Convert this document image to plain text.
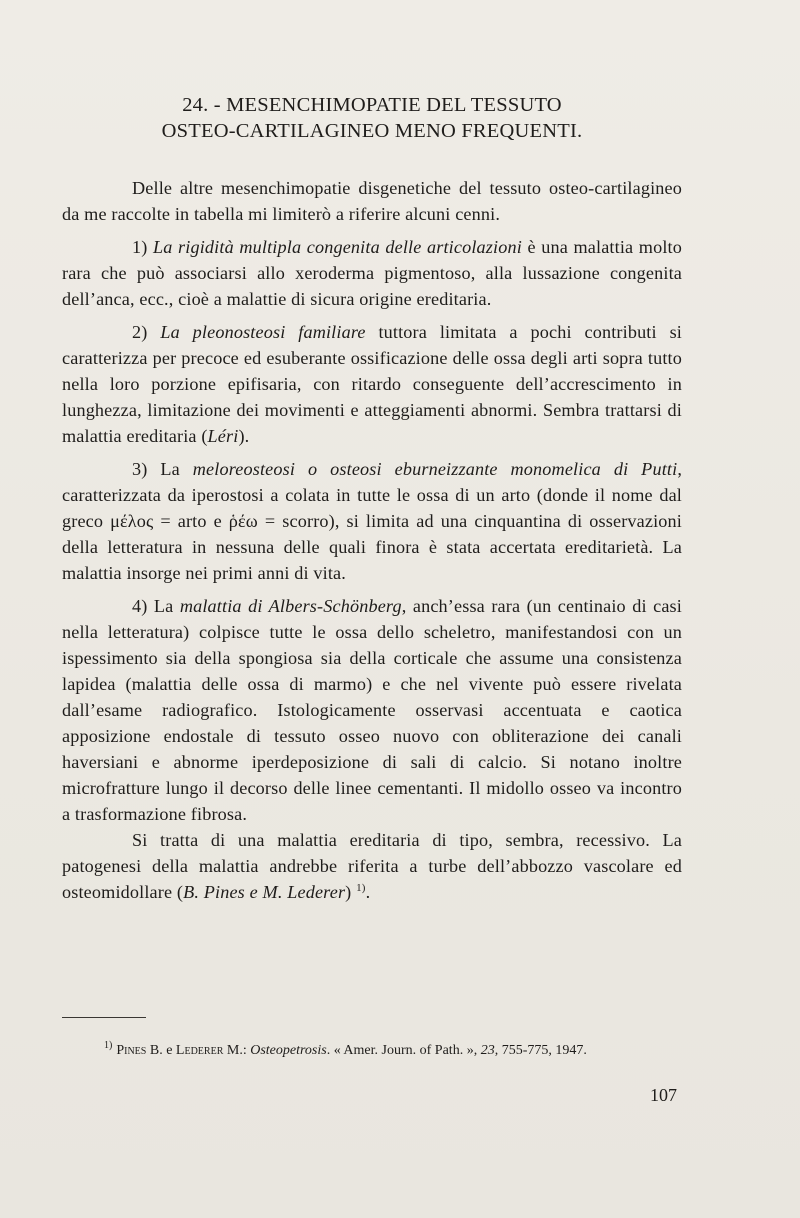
24. - MESENCHIMOPATIE DEL TESSUTO
OSTEO-CARTILAGINEO MENO FREQUENTI.

Delle altre mesenchimopatie disgenetiche del tessuto osteo-cartilagineo da me raccolte in tabella mi limiterò a riferire alcuni cenni.

1) La rigidità multipla congenita delle articolazioni è una malattia molto rara che può associarsi allo xeroderma pigmentoso, alla lussazione congenita dell’anca, ecc., cioè a malattie di sicura origine ereditaria.

2) La pleonosteosi familiare tuttora limitata a pochi contributi si caratterizza per precoce ed esuberante ossificazione delle ossa degli arti sopra tutto nella loro porzione epifisaria, con ritardo conseguente dell’accrescimento in lunghezza, limitazione dei movimenti e atteggiamenti abnormi. Sembra trattarsi di malattia ereditaria (Léri).

3) La meloreosteosi o osteosi eburneizzante monomelica di Putti, caratterizzata da iperostosi a colata in tutte le ossa di un arto (donde il nome dal greco μέλος = arto e ῥέω = scorro), si limita ad una cinquantina di osservazioni della letteratura in nessuna delle quali finora è stata accertata ereditarietà. La malattia insorge nei primi anni di vita.

4) La malattia di Albers-Schönberg, anch’essa rara (un centinaio di casi nella letteratura) colpisce tutte le ossa dello scheletro, manifestandosi con un ispessimento sia della spongiosa sia della corticale che assume una consistenza lapidea (malattia delle ossa di marmo) e che nel vivente può essere rivelata dall’esame radiografico. Istologicamente osservasi accentuata e caotica apposizione endostale di tessuto osseo nuovo con obliterazione dei canali haversiani e abnorme iperdeposizione di sali di calcio. Si notano inoltre microfratture lungo il decorso delle linee cementanti. Il midollo osseo va incontro a trasformazione fibrosa.

Si tratta di una malattia ereditaria di tipo, sembra, recessivo. La patogenesi della malattia andrebbe riferita a turbe dell’abbozzo vascolare ed osteomidollare (B. Pines e M. Lederer) $^{1)}$.

$^{1)}$ Pines B. e Lederer M.: Osteopetrosis. « Amer. Journ. of Path. », 23, 755-775, 1947.
107
